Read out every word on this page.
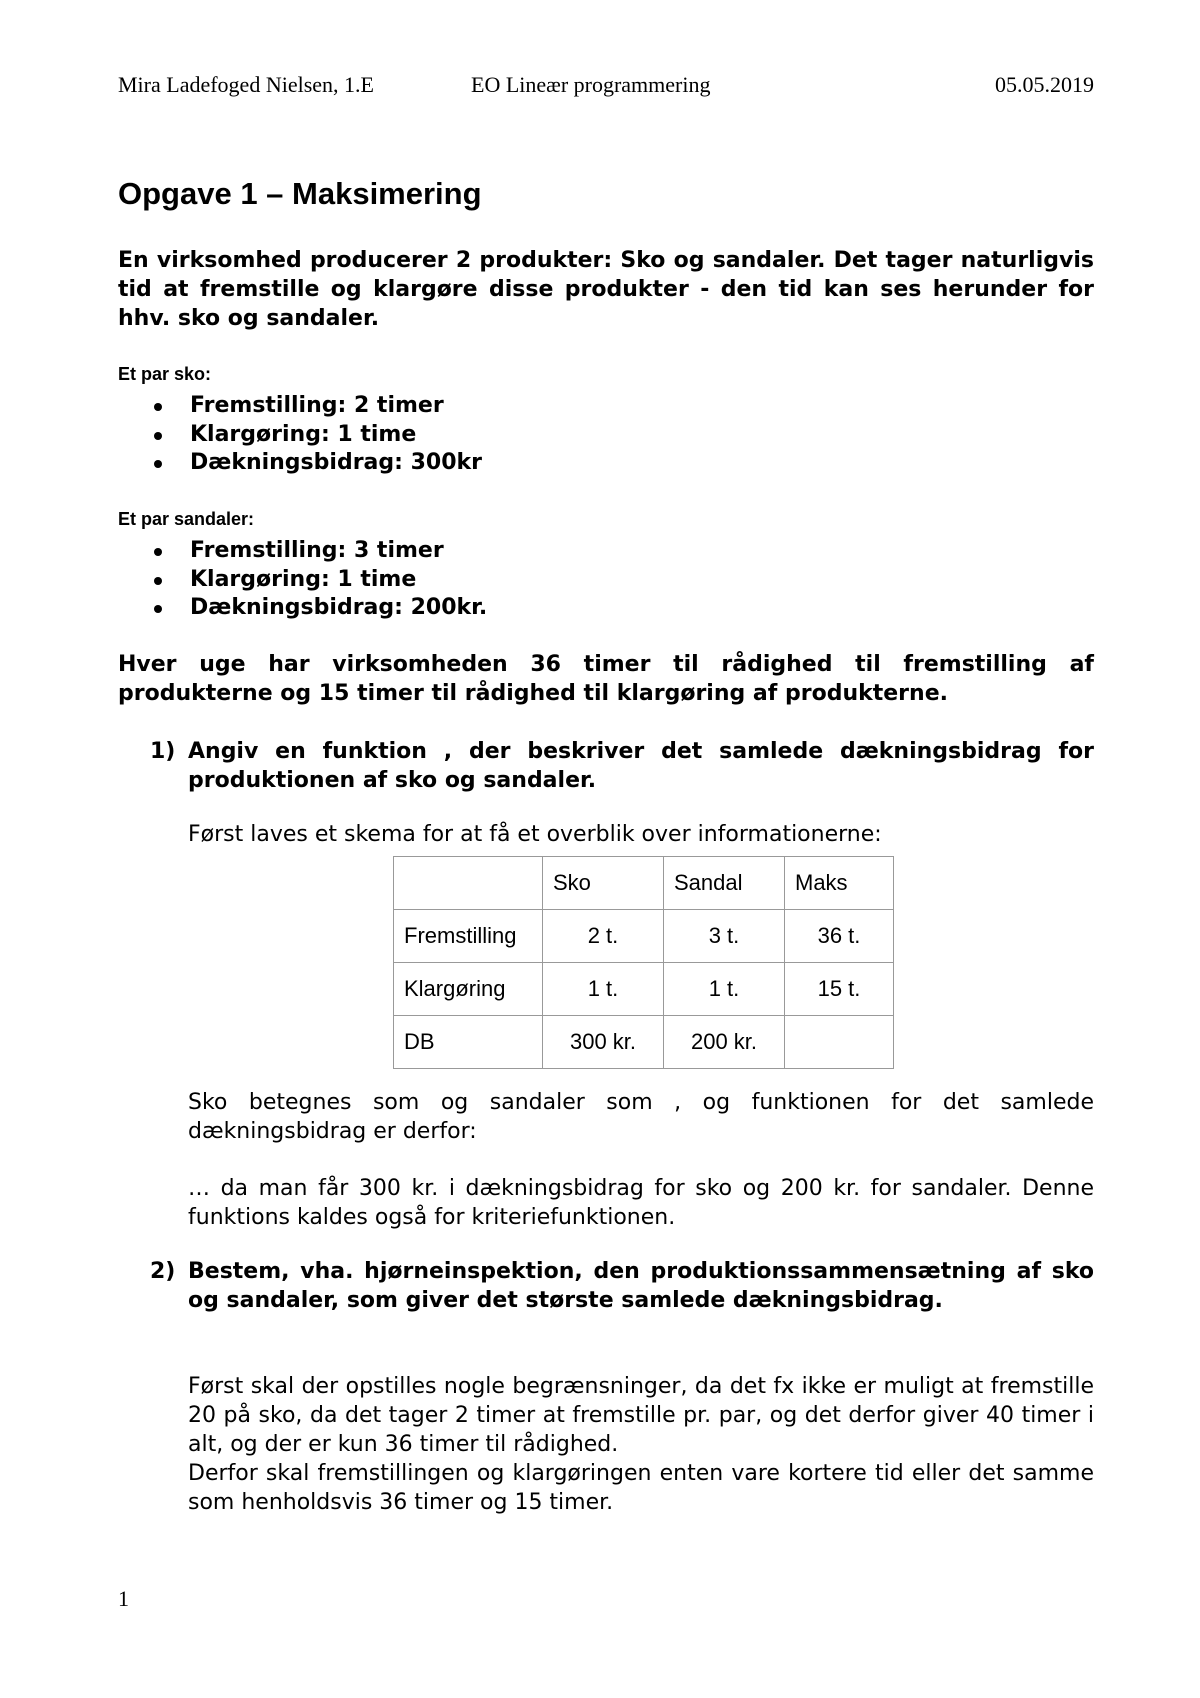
Mira Ladefoged Nielsen, 1.E	EO Lineær programmering	05.05.2019
Opgave 1 – Maksimering

En virksomhed producerer 2 produkter: Sko og sandaler. Det tager naturligvis tid at fremstille og klargøre disse produkter - den tid kan ses herunder for hhv. sko og sandaler.

Et par sko:
Fremstilling: 2 timer
Klargøring: 1 time
Dækningsbidrag: 300kr
Et par sandaler:
Fremstilling: 3 timer
Klargøring: 1 time
Dækningsbidrag: 200kr.

Hver uge har virksomheden 36 timer til rådighed til fremstilling af produkterne og 15 timer til rådighed til klargøring af produkterne.

1) Angiv en funktion , der beskriver det samlede dækningsbidrag for produktionen af sko og sandaler.

Først laves et skema for at få et overblik over informationerne:

	Sko	Sandal	Maks
Fremstilling	2 t.	3 t.	36 t.
Klargøring	1 t.	1 t.	15 t.
DB	300 kr.	200 kr.	

Sko betegnes som og sandaler som , og funktionen for det samlede dækningsbidrag er derfor:

… da man får 300 kr. i dækningsbidrag for sko og 200 kr. for sandaler. Denne funktions kaldes også for kriteriefunktionen.

2) Bestem, vha. hjørneinspektion, den produktionssammensætning af sko og sandaler, som giver det største samlede dækningsbidrag.

Først skal der opstilles nogle begrænsninger, da det fx ikke er muligt at fremstille 20 på sko, da det tager 2 timer at fremstille pr. par, og det derfor giver 40 timer i alt, og der er kun 36 timer til rådighed.

Derfor skal fremstillingen og klargøringen enten vare kortere tid eller det samme som henholdsvis 36 timer og 15 timer.

1
